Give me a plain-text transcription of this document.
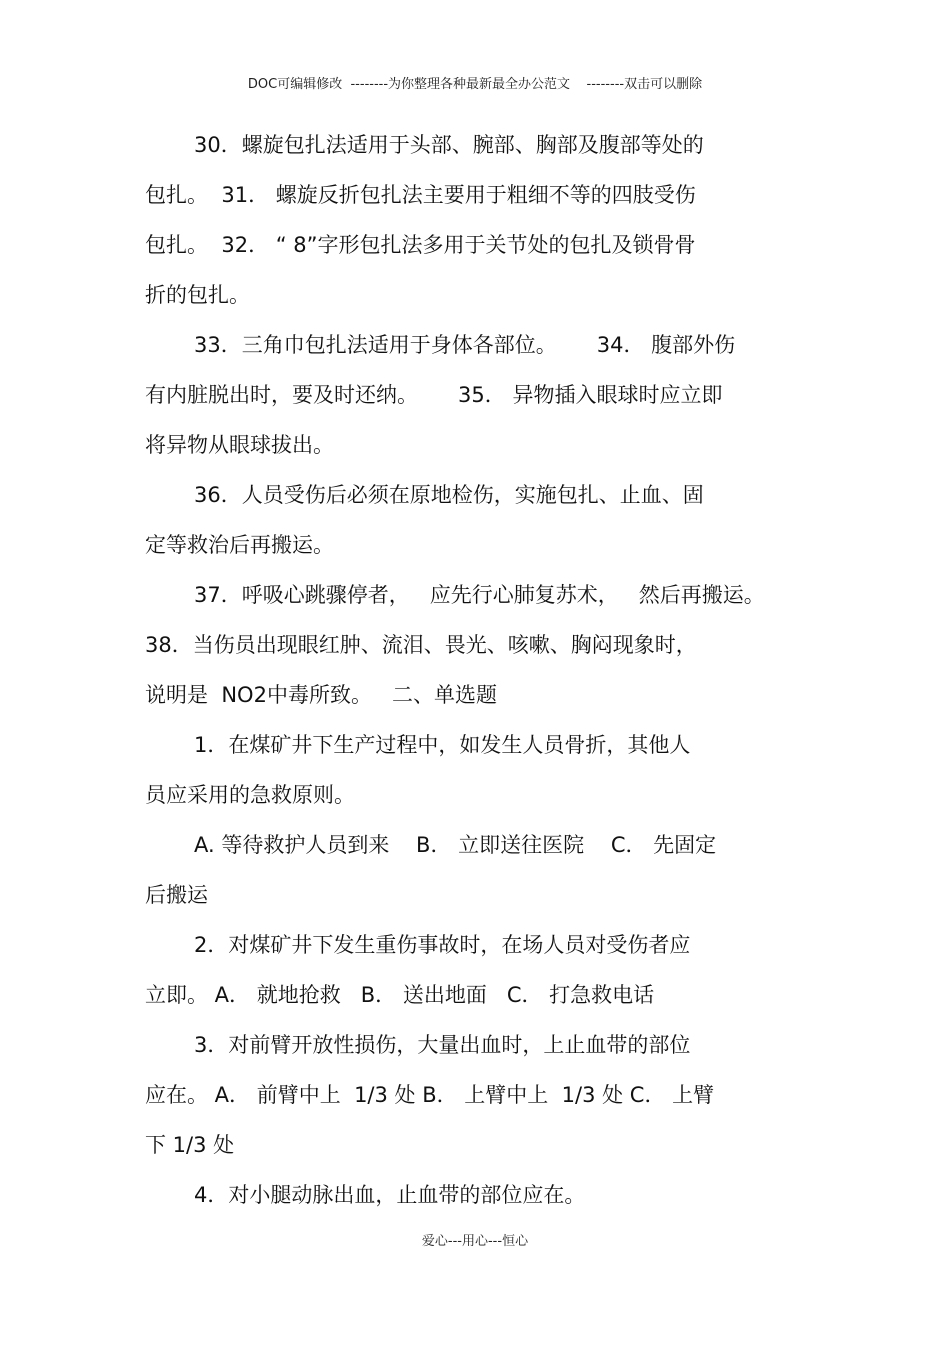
DOC可编辑修改  --------为你整理各种最新最全办公范文    --------双击可以删除
30．螺旋包扎法适用于头部、腕部、胸部及腹部等处的
包扎。  31． 螺旋反折包扎法主要用于粗细不等的四肢受伤
包扎。  32． “ 8”字形包扎法多用于关节处的包扎及锁骨骨
折的包扎。
33．三角巾包扎法适用于身体各部位。      34． 腹部外伤
有内脏脱出时，要及时还纳。      35． 异物插入眼球时应立即
将异物从眼球拔出。
36．人员受伤后必须在原地检伤，实施包扎、止血、固
定等救治后再搬运。
37．呼吸心跳骤停者，   应先行心肺复苏术，   然后再搬运。
38．当伤员出现眼红肿、流泪、畏光、咳嗽、胸闷现象时，
说明是  NO2中毒所致。   二、单选题
1．在煤矿井下生产过程中，如发生人员骨折，其他人
员应采用的急救原则。
A. 等待救护人员到来    B． 立即送往医院    C． 先固定
后搬运
2．对煤矿井下发生重伤事故时，在场人员对受伤者应
立即。 A． 就地抢救   B． 送出地面   C． 打急救电话
3．对前臂开放性损伤，大量出血时，上止血带的部位
应在。 A． 前臂中上  1/3 处 B． 上臂中上  1/3 处 C． 上臂
下 1/3 处
4．对小腿动脉出血，止血带的部位应在。
爱心---用心---恒心
